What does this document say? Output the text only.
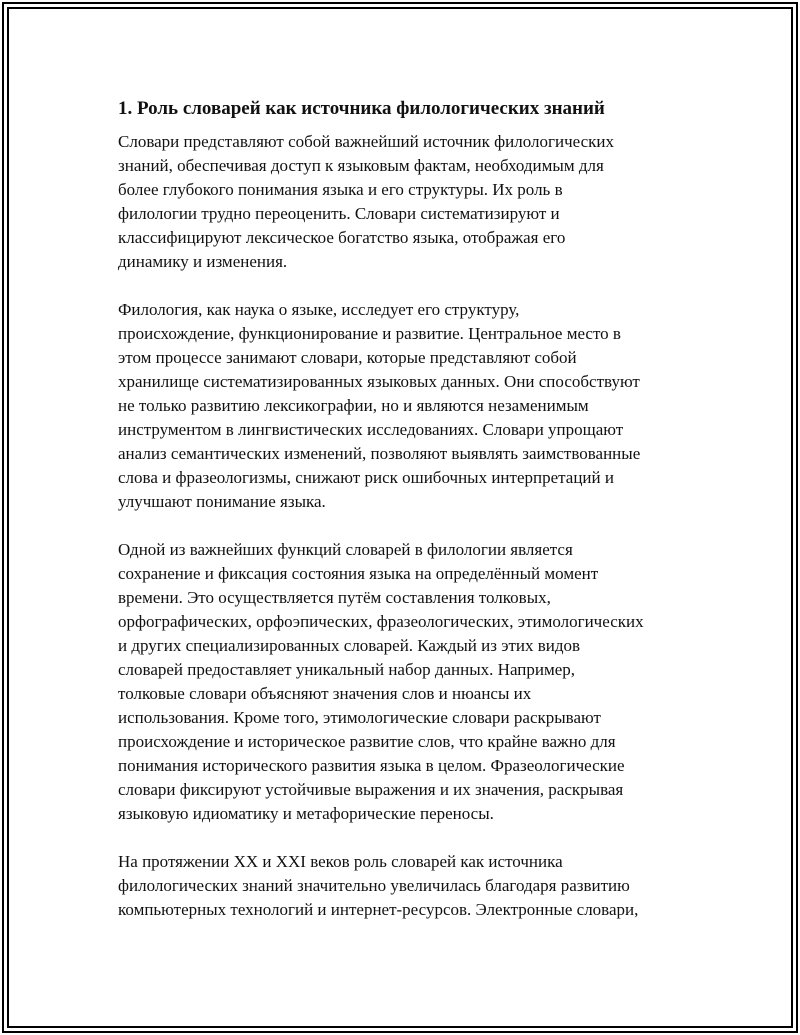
1. Роль словарей как источника филологических знаний

Словари представляют собой важнейший источник филологических
знаний, обеспечивая доступ к языковым фактам, необходимым для
более глубокого понимания языка и его структуры. Их роль в
филологии трудно переоценить. Словари систематизируют и
классифицируют лексическое богатство языка, отображая его
динамику и изменения.

Филология, как наука о языке, исследует его структуру,
происхождение, функционирование и развитие. Центральное место в
этом процессе занимают словари, которые представляют собой
хранилище систематизированных языковых данных. Они способствуют
не только развитию лексикографии, но и являются незаменимым
инструментом в лингвистических исследованиях. Словари упрощают
анализ семантических изменений, позволяют выявлять заимствованные
слова и фразеологизмы, снижают риск ошибочных интерпретаций и
улучшают понимание языка.

Одной из важнейших функций словарей в филологии является
сохранение и фиксация состояния языка на определённый момент
времени. Это осуществляется путём составления толковых,
орфографических, орфоэпических, фразеологических, этимологических
и других специализированных словарей. Каждый из этих видов
словарей предоставляет уникальный набор данных. Например,
толковые словари объясняют значения слов и нюансы их
использования. Кроме того, этимологические словари раскрывают
происхождение и историческое развитие слов, что крайне важно для
понимания исторического развития языка в целом. Фразеологические
словари фиксируют устойчивые выражения и их значения, раскрывая
языковую идиоматику и метафорические переносы.

На протяжении XX и XXI веков роль словарей как источника
филологических знаний значительно увеличилась благодаря развитию
компьютерных технологий и интернет-ресурсов. Электронные словари,
